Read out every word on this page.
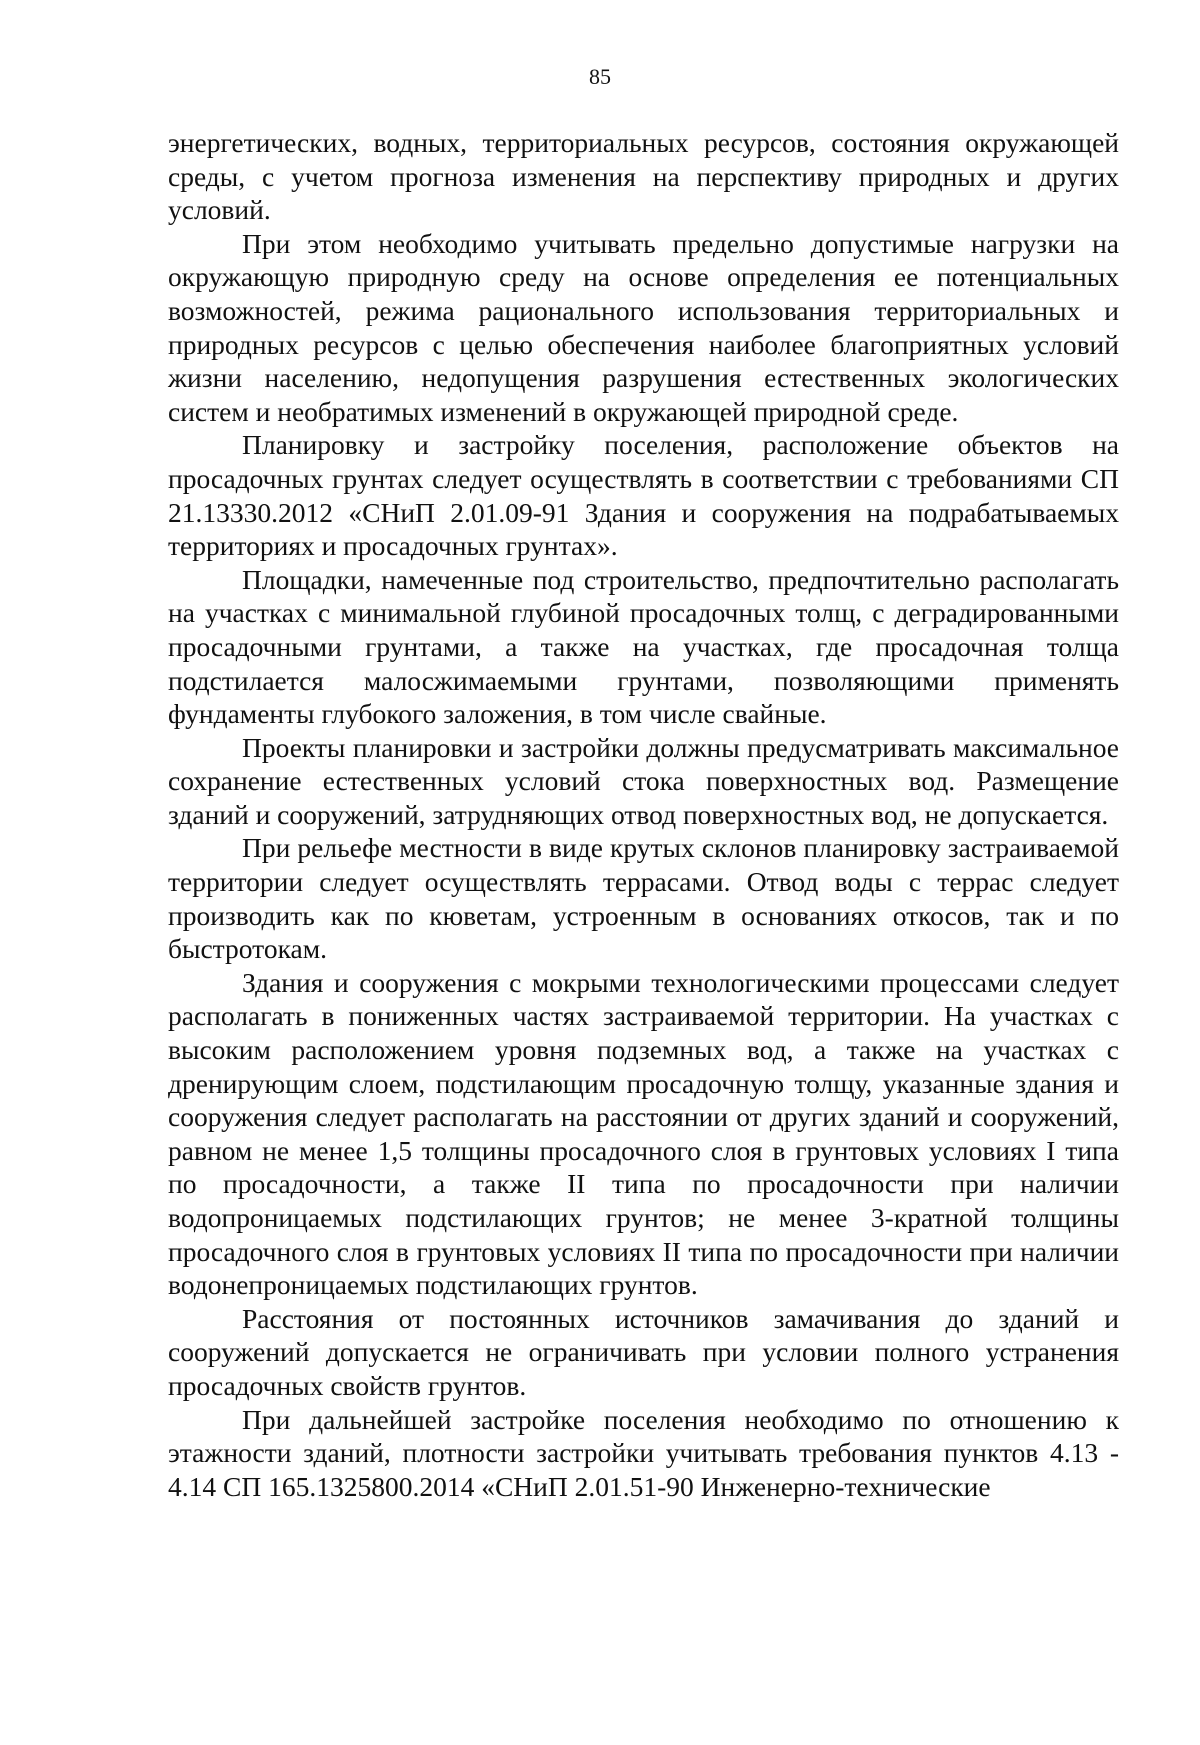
85

энергетических, водных, территориальных ресурсов, состояния окружающей среды, с учетом прогноза изменения на перспективу природных и других условий.

При этом необходимо учитывать предельно допустимые нагрузки на окружающую природную среду на основе определения ее потенциальных возможностей, режима рационального использования территориальных и природных ресурсов с целью обеспечения наиболее благоприятных условий жизни населению, недопущения разрушения естественных экологических систем и необратимых изменений в окружающей природной среде.

Планировку и застройку поселения, расположение объектов на просадочных грунтах следует осуществлять в соответствии с требованиями СП 21.13330.2012 «СНиП 2.01.09-91 Здания и сооружения на подрабатываемых территориях и просадочных грунтах».

Площадки, намеченные под строительство, предпочтительно располагать на участках с минимальной глубиной просадочных толщ, с деградированными просадочными грунтами, а также на участках, где просадочная толща подстилается малосжимаемыми грунтами, позволяющими применять фундаменты глубокого заложения, в том числе свайные.

Проекты планировки и застройки должны предусматривать максимальное сохранение естественных условий стока поверхностных вод. Размещение зданий и сооружений, затрудняющих отвод поверхностных вод, не допускается.

При рельефе местности в виде крутых склонов планировку застраиваемой территории следует осуществлять террасами. Отвод воды с террас следует производить как по кюветам, устроенным в основаниях откосов, так и по быстротокам.

Здания и сооружения с мокрыми технологическими процессами следует располагать в пониженных частях застраиваемой территории. На участках с высоким расположением уровня подземных вод, а также на участках с дренирующим слоем, подстилающим просадочную толщу, указанные здания и сооружения следует располагать на расстоянии от других зданий и сооружений, равном не менее 1,5 толщины просадочного слоя в грунтовых условиях I типа по просадочности, а также II типа по просадочности при наличии водопроницаемых подстилающих грунтов; не менее 3-кратной толщины просадочного слоя в грунтовых условиях II типа по просадочности при наличии водонепроницаемых подстилающих грунтов.

Расстояния от постоянных источников замачивания до зданий и сооружений допускается не ограничивать при условии полного устранения просадочных свойств грунтов.

При дальнейшей застройке поселения необходимо по отношению к этажности зданий, плотности застройки учитывать требования пунктов 4.13 - 4.14 СП 165.1325800.2014 «СНиП 2.01.51-90 Инженерно-технические
